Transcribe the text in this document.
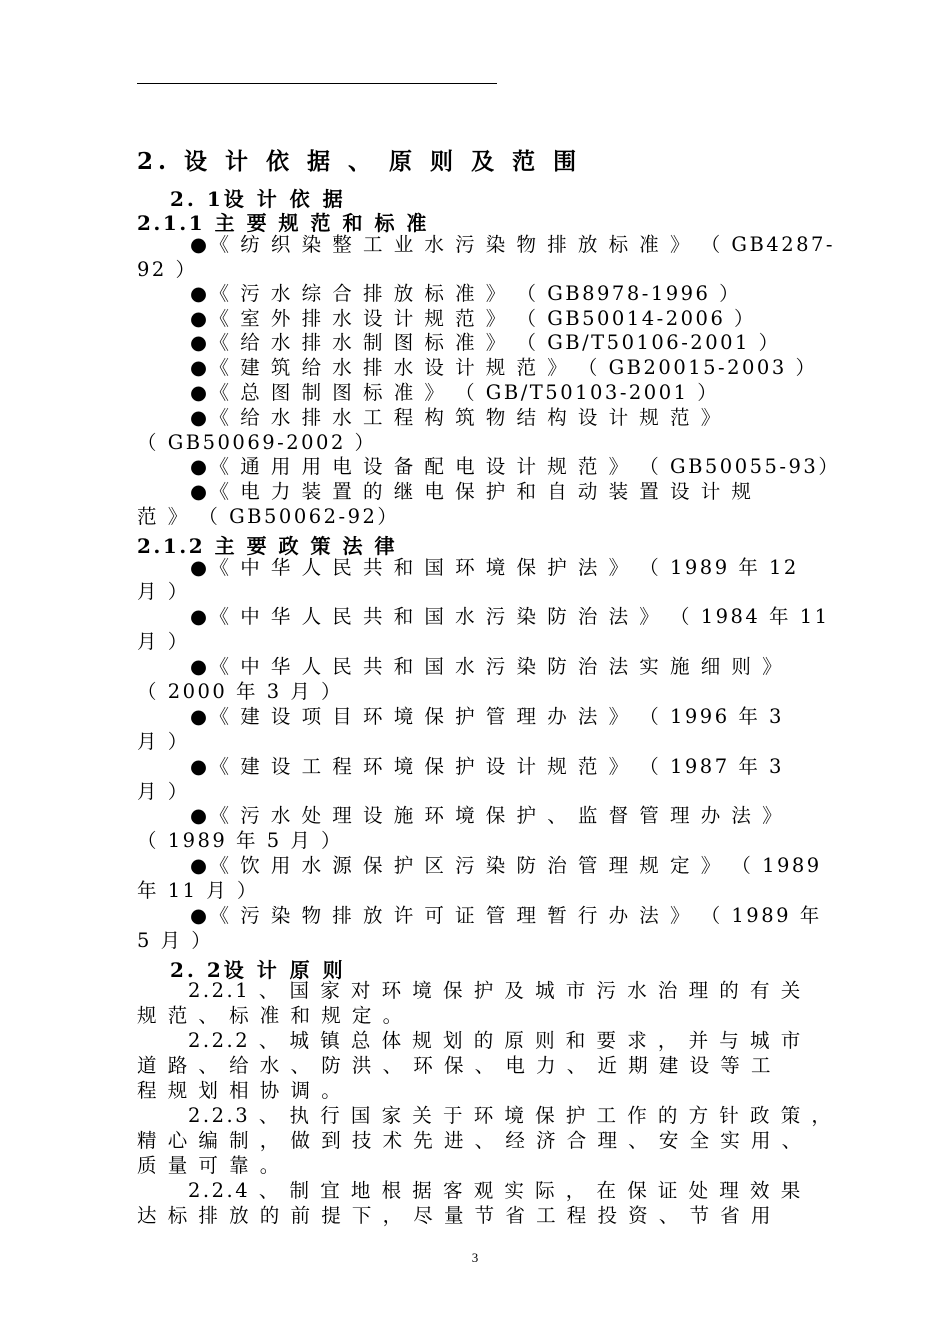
2. 设 计 依 据 、 原 则 及 范 围
2. 1设 计 依 据
2.1.1 主 要 规 范 和 标 准
●《 纺 织 染 整 工 业 水 污 染 物 排 放 标 准 》 （ GB4287-
92 ）
●《 污 水 综 合 排 放 标 准 》 （ GB8978-1996 ）
●《 室 外 排 水 设 计 规 范 》 （ GB50014-2006 ）
●《 给 水 排 水 制 图 标 准 》 （ GB/T50106-2001 ）
●《 建 筑 给 水 排 水 设 计 规 范 》 （ GB20015-2003 ）
●《 总 图 制 图 标 准 》 （ GB/T50103-2001 ）
●《 给 水 排 水 工 程 构 筑 物 结 构 设 计 规 范 》
（ GB50069-2002 ）
●《 通 用 用 电 设 备 配 电 设 计 规 范 》 （ GB50055-93）
●《 电 力 装 置 的 继 电 保 护 和 自 动 装 置 设 计 规
范 》 （ GB50062-92）
2.1.2 主 要 政 策 法 律
●《 中 华 人 民 共 和 国 环 境 保 护 法 》 （ 1989 年 12
月 ）
●《 中 华 人 民 共 和 国 水 污 染 防 治 法 》 （ 1984 年 11
月 ）
●《 中 华 人 民 共 和 国 水 污 染 防 治 法 实 施 细 则 》
（ 2000 年 3 月 ）
●《 建 设 项 目 环 境 保 护 管 理 办 法 》 （ 1996 年 3
月 ）
●《 建 设 工 程 环 境 保 护 设 计 规 范 》 （ 1987 年 3
月 ）
●《 污 水 处 理 设 施 环 境 保 护 、 监 督 管 理 办 法 》
（ 1989 年 5 月 ）
●《 饮 用 水 源 保 护 区 污 染 防 治 管 理 规 定 》 （ 1989
年 11 月 ）
●《 污 染 物 排 放 许 可 证 管 理 暂 行 办 法 》 （ 1989 年
5 月 ）
2. 2设 计 原 则
2.2.1 、 国 家 对 环 境 保 护 及 城 市 污 水 治 理 的 有 关
规 范 、 标 准 和 规 定 。
2.2.2 、 城 镇 总 体 规 划 的 原 则 和 要 求 ， 并 与 城 市
道 路 、 给 水 、 防 洪 、 环 保 、 电 力 、 近 期 建 设 等 工
程 规 划 相 协 调 。
2.2.3 、 执 行 国 家 关 于 环 境 保 护 工 作 的 方 针 政 策 ，
精 心 编 制 ， 做 到 技 术 先 进 、 经 济 合 理 、 安 全 实 用 、
质 量 可 靠 。
2.2.4 、 制 宜 地 根 据 客 观 实 际 ， 在 保 证 处 理 效 果
达 标 排 放 的 前 提 下 ， 尽 量 节 省 工 程 投 资 、 节 省 用
3
